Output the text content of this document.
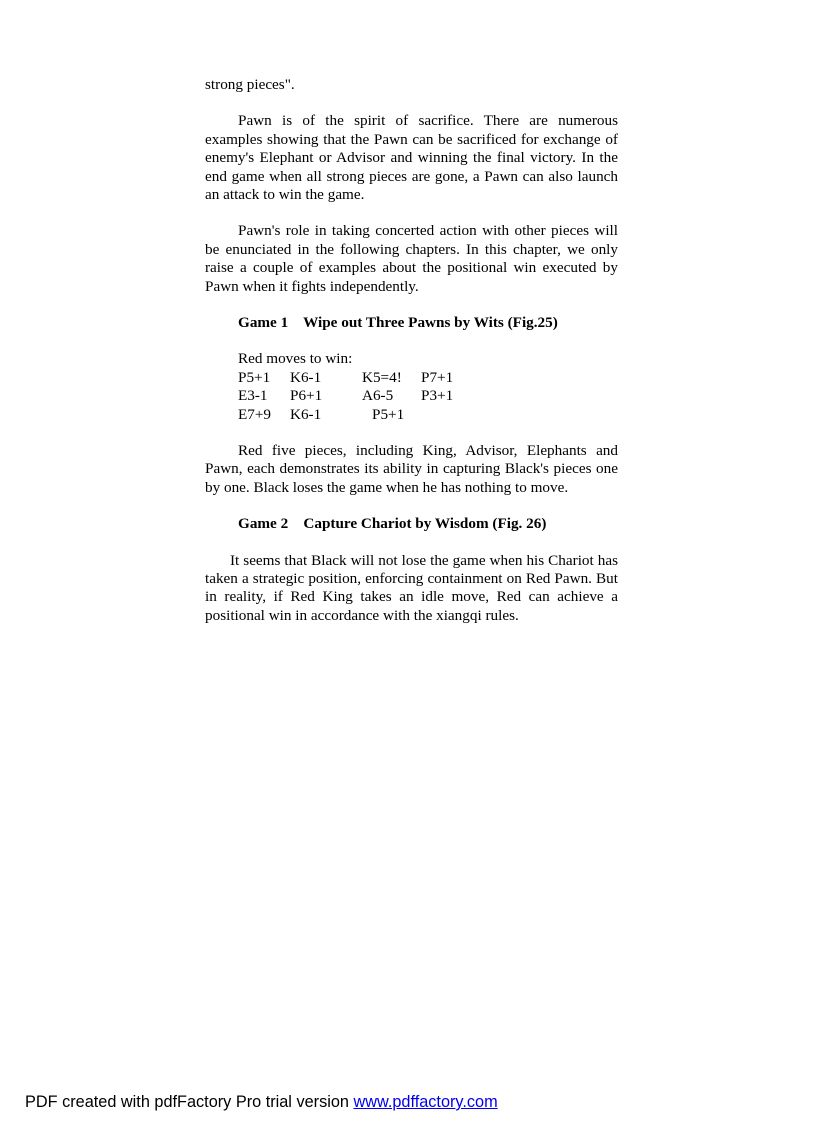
strong pieces".

Pawn is of the spirit of sacrifice. There are numerous examples showing that the Pawn can be sacrificed for exchange of enemy's Elephant or Advisor and winning the final victory. In the end game when all strong pieces are gone, a Pawn can also launch an attack to win the game.

Pawn's role in taking concerted action with other pieces will be enunciated in the following chapters. In this chapter, we only raise a couple of examples about the positional win executed by Pawn when it fights independently.

Game 1    Wipe out Three Pawns by Wits (Fig.25)
Red moves to win:
P5+1 K6-1	K5=4! P7+1
E3-1 P6+1	A6-5 P3+1
E7+9 K6-1	P5+1

Red five pieces, including King, Advisor, Elephants and Pawn, each demonstrates its ability in capturing Black's pieces one by one. Black loses the game when he has nothing to move.

Game 2    Capture Chariot by Wisdom (Fig. 26)

It seems that Black will not lose the game when his Chariot has taken a strategic position, enforcing containment on Red Pawn. But in reality, if Red King takes an idle move, Red can achieve a positional win in accordance with the xiangqi rules.

PDF created with pdfFactory Pro trial version www.pdffactory.com
